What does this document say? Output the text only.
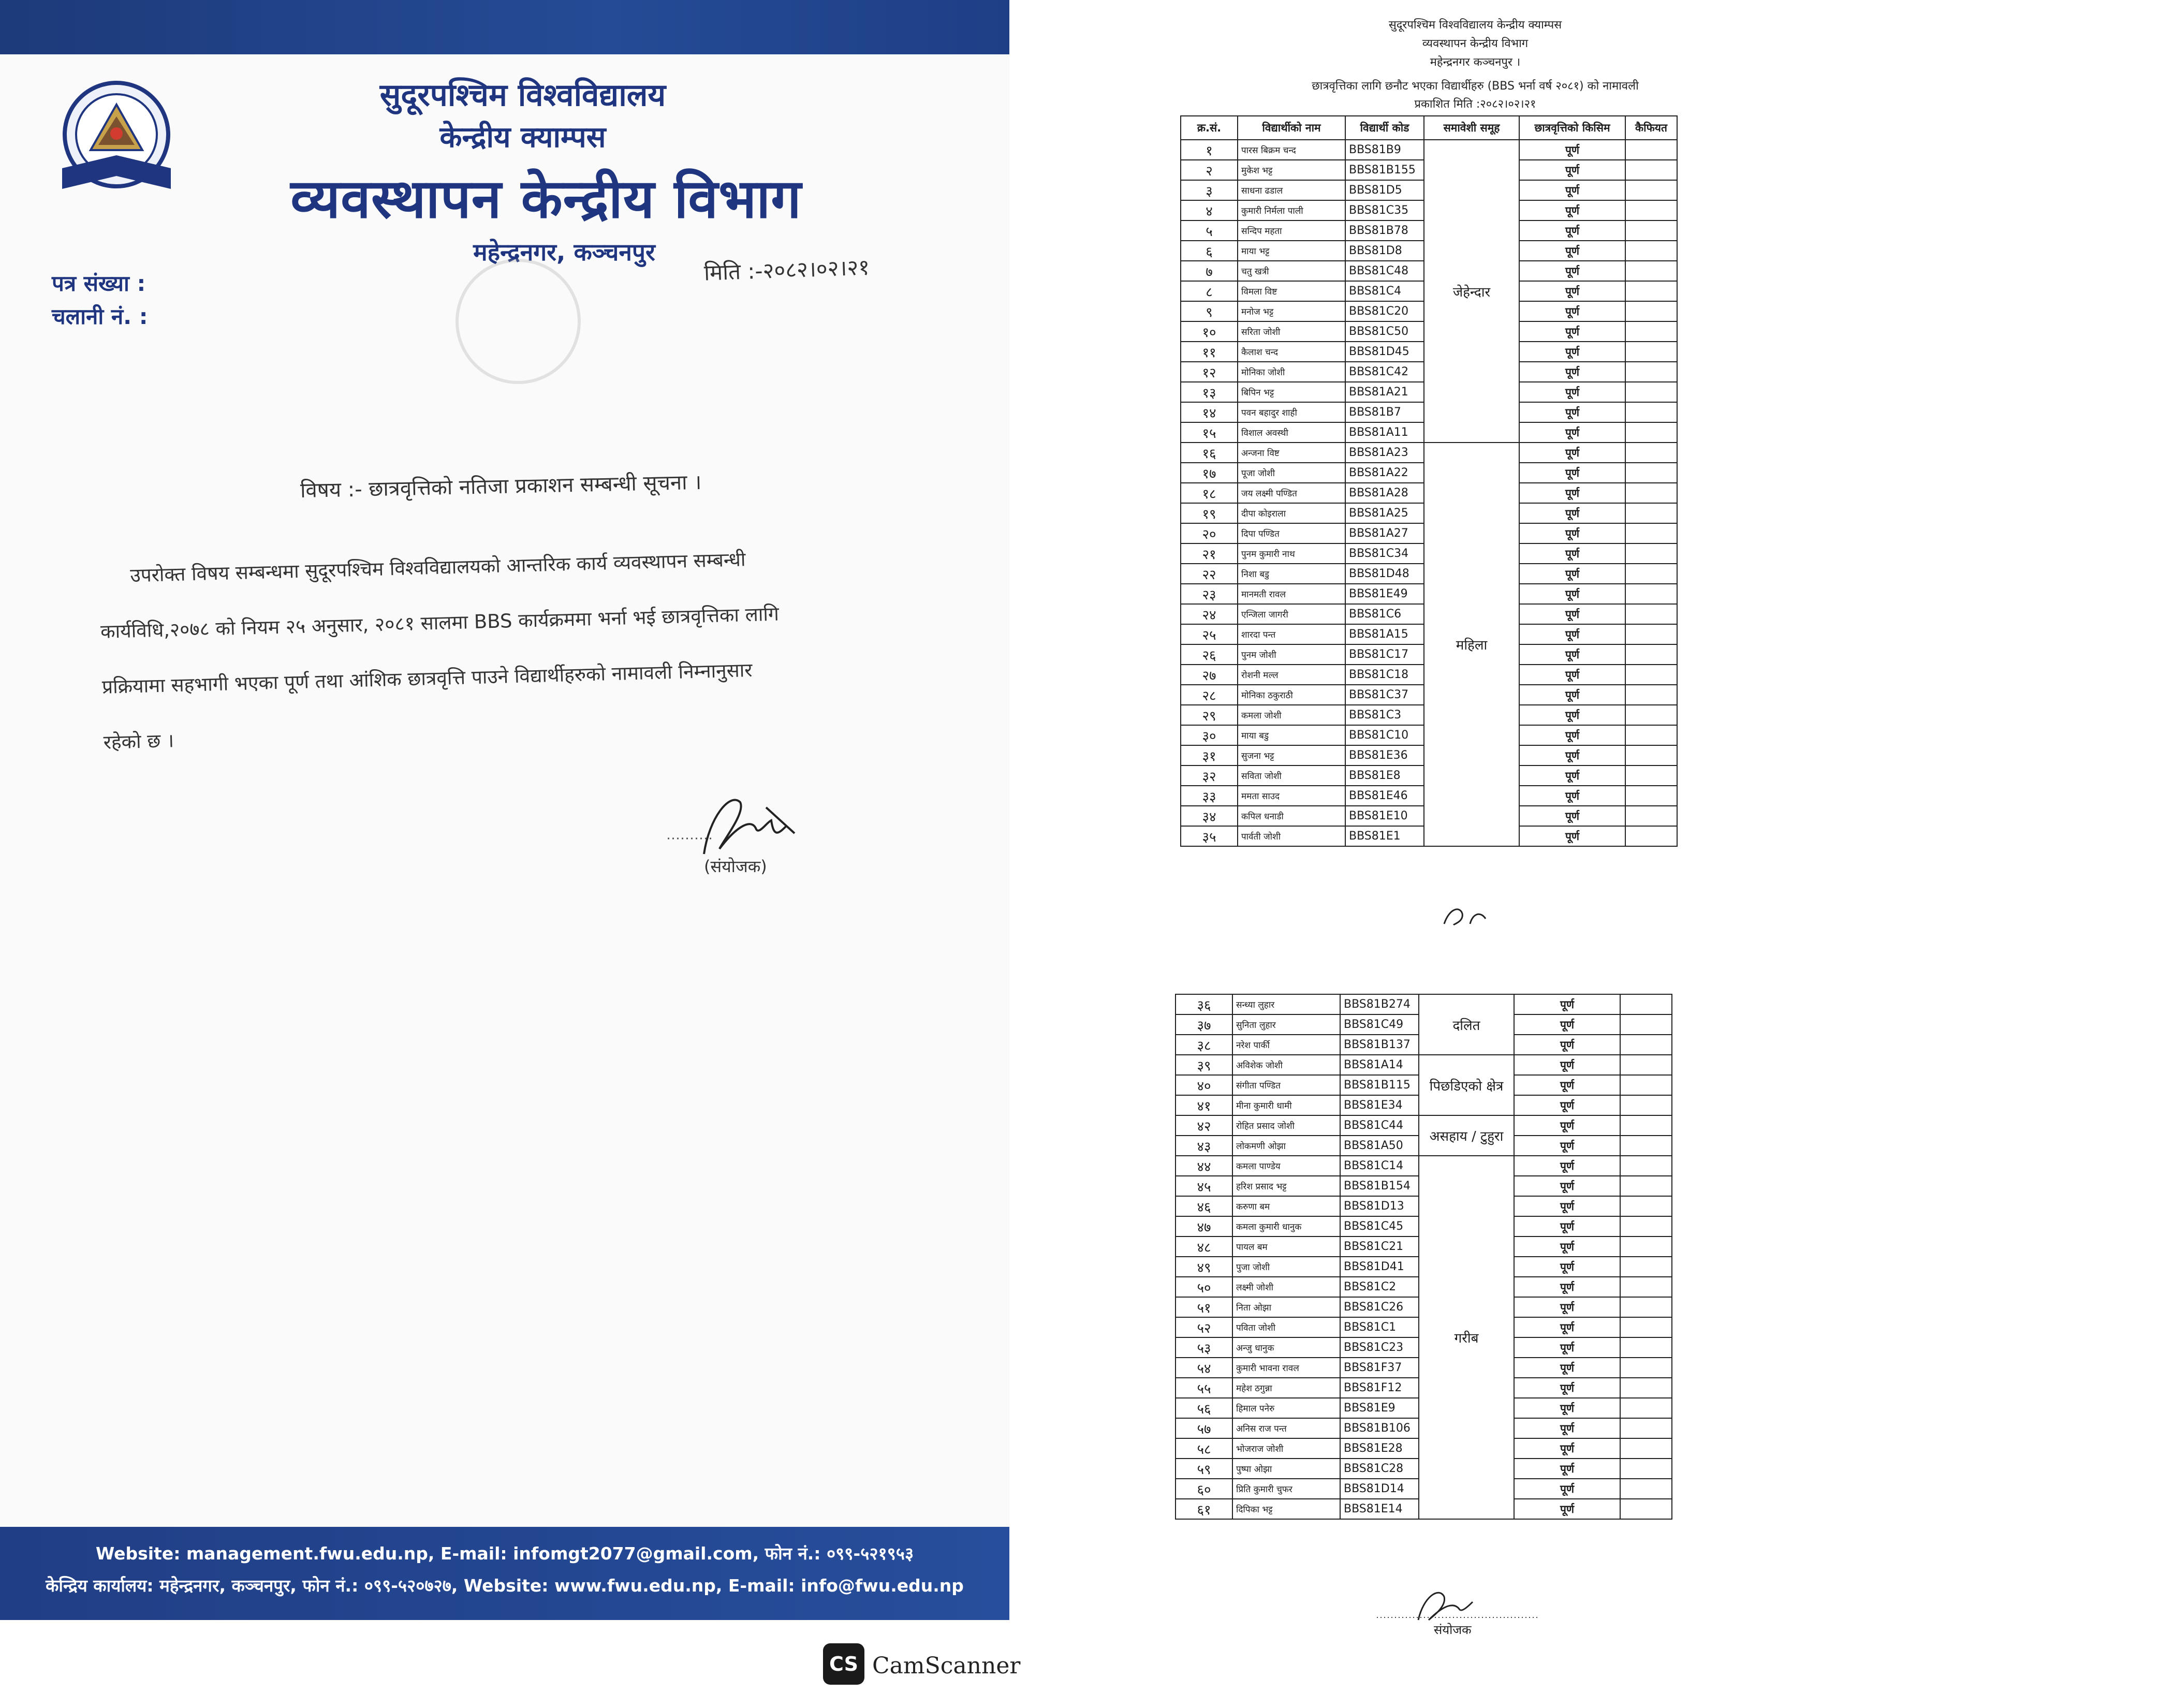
सुदूरपश्चिम विश्वविद्यालय
केन्द्रीय क्याम्पस
व्यवस्थापन केन्द्रीय विभाग
महेन्द्रनगर, कञ्चनपुर
पत्र संख्या :
चलानी नं. :
मिति :-२०८२।०२।२१
विषय :- छात्रवृत्तिको नतिजा प्रकाशन सम्बन्धी सूचना ।
उपरोक्त विषय सम्बन्धमा सुदूरपश्चिम विश्वविद्यालयको आन्तरिक कार्य व्यवस्थापन सम्बन्धी
कार्यविधि,२०७८ को नियम २५ अनुसार, २०८१ सालमा BBS कार्यक्रममा भर्ना भई छात्रवृत्तिका लागि
प्रक्रियामा सहभागी भएका पूर्ण तथा आंशिक छात्रवृत्ति पाउने विद्यार्थीहरुको नामावली निम्नानुसार
रहेको छ ।
(संयोजक)
Website: management.fwu.edu.np, E-mail: infomgt2077@gmail.com, फोन नं.: ०९९-५२१९५३
केन्द्रिय कार्यालय: महेन्द्रनगर, कञ्चनपुर, फोन नं.: ०९९-५२०७२७, Website: www.fwu.edu.np, E-mail: info@fwu.edu.np
CS CamScanner
सुदूरपश्चिम विश्वविद्यालय केन्द्रीय क्याम्पस
व्यवस्थापन केन्द्रीय विभाग
महेन्द्रनगर कञ्चनपुर ।
छात्रवृत्तिका लागि छनौट भएका विद्यार्थीहरु (BBS भर्ना वर्ष २०८१) को नामावली
प्रकाशित मिति :२०८२।०२।२१
क्र.सं.	विद्यार्थीको नाम	विद्यार्थी कोड	समावेशी समूह	छात्रवृत्तिको किसिम	कैफियत
१	पारस बिक्रम चन्द	BBS81B9	जेहेन्दार	पूर्ण	
२	मुकेश भट्ट	BBS81B155		पूर्ण	
३	साधना ढडाल	BBS81D5		पूर्ण	
४	कुमारी निर्मला पाली	BBS81C35		पूर्ण	
५	सन्दिप महता	BBS81B78		पूर्ण	
६	माया भट्ट	BBS81D8		पूर्ण	
७	चतु खत्री	BBS81C48		पूर्ण	
८	विमला विष्ट	BBS81C4		पूर्ण	
९	मनोज भट्ट	BBS81C20		पूर्ण	
१०	सरिता जोशी	BBS81C50		पूर्ण	
११	कैलाश चन्द	BBS81D45		पूर्ण	
१२	मोनिका जोशी	BBS81C42		पूर्ण	
१३	बिपिन भट्ट	BBS81A21		पूर्ण	
१४	पवन बहादुर शाही	BBS81B7		पूर्ण	
१५	विशाल अवस्थी	BBS81A11		पूर्ण	
१६	अन्जना विष्ट	BBS81A23	महिला	पूर्ण	
१७	पूजा जोशी	BBS81A22		पूर्ण	
१८	जय लक्ष्मी पण्डित	BBS81A28		पूर्ण	
१९	दीपा कोइराला	BBS81A25		पूर्ण	
२०	दिपा पण्डित	BBS81A27		पूर्ण	
२१	पुनम कुमारी नाथ	BBS81C34		पूर्ण	
२२	निशा बडु	BBS81D48		पूर्ण	
२३	मानमती रावल	BBS81E49		पूर्ण	
२४	एन्जिला जागरी	BBS81C6		पूर्ण	
२५	शारदा पन्त	BBS81A15		पूर्ण	
२६	पुनम जोशी	BBS81C17		पूर्ण	
२७	रोशनी मल्ल	BBS81C18		पूर्ण	
२८	मोनिका ठकुराठी	BBS81C37		पूर्ण	
२९	कमला जोशी	BBS81C3		पूर्ण	
३०	माया बडु	BBS81C10		पूर्ण	
३१	सुजना भट्ट	BBS81E36		पूर्ण	
३२	सविता जोशी	BBS81E8		पूर्ण	
३३	ममता साउद	BBS81E46		पूर्ण	
३४	कपिल धनाडी	BBS81E10		पूर्ण	
३५	पार्वती जोशी	BBS81E1		पूर्ण	
३६	सन्ध्या लुहार	BBS81B274	दलित	पूर्ण	
३७	सुनिता लुहार	BBS81C49		पूर्ण	
३८	नरेश पार्की	BBS81B137		पूर्ण	
३९	अविशेक जोशी	BBS81A14	पिछडिएको क्षेत्र	पूर्ण	
४०	संगीता पण्डित	BBS81B115		पूर्ण	
४१	मीना कुमारी धामी	BBS81E34		पूर्ण	
४२	रोहित प्रसाद जोशी	BBS81C44	असहाय / टुहुरा	पूर्ण	
४३	लोकमणी ओझा	BBS81A50		पूर्ण	
४४	कमला पाण्डेय	BBS81C14	गरीब	पूर्ण	
४५	हरिश प्रसाद भट्ट	BBS81B154		पूर्ण	
४६	करुणा बम	BBS81D13		पूर्ण	
४७	कमला कुमारी धानुक	BBS81C45		पूर्ण	
४८	पायल बम	BBS81C21		पूर्ण	
४९	पुजा जोशी	BBS81D41		पूर्ण	
५०	लक्ष्मी जोशी	BBS81C2		पूर्ण	
५१	निता ओझा	BBS81C26		पूर्ण	
५२	पविता जोशी	BBS81C1		पूर्ण	
५३	अन्जु धानुक	BBS81C23		पूर्ण	
५४	कुमारी भावना रावल	BBS81F37		पूर्ण	
५५	महेश ठगुन्ना	BBS81F12		पूर्ण	
५६	हिमाल पनेरु	BBS81E9		पूर्ण	
५७	अनिस राज पन्त	BBS81B106		पूर्ण	
५८	भोजराज जोशी	BBS81E28		पूर्ण	
५९	पुष्पा ओझा	BBS81C28		पूर्ण	
६०	प्रिति कुमारी चुफर	BBS81D14		पूर्ण	
६१	दिपिका भट्ट	BBS81E14		पूर्ण	
संयोजक
